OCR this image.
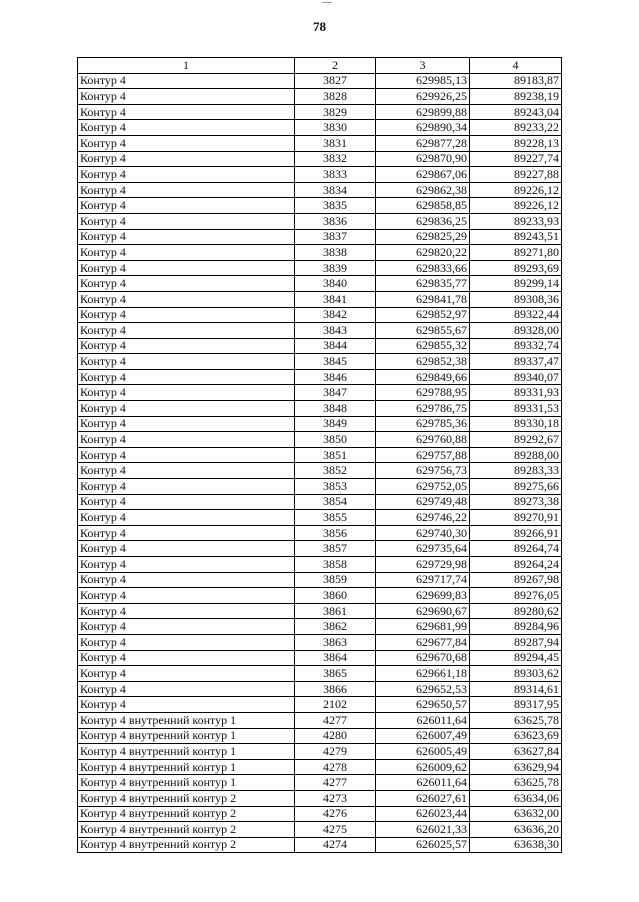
78
1	2	3	4
Контур 4	3827	629985,13	89183,87
Контур 4	3828	629926,25	89238,19
Контур 4	3829	629899,88	89243,04
Контур 4	3830	629890,34	89233,22
Контур 4	3831	629877,28	89228,13
Контур 4	3832	629870,90	89227,74
Контур 4	3833	629867,06	89227,88
Контур 4	3834	629862,38	89226,12
Контур 4	3835	629858,85	89226,12
Контур 4	3836	629836,25	89233,93
Контур 4	3837	629825,29	89243,51
Контур 4	3838	629820,22	89271,80
Контур 4	3839	629833,66	89293,69
Контур 4	3840	629835,77	89299,14
Контур 4	3841	629841,78	89308,36
Контур 4	3842	629852,97	89322,44
Контур 4	3843	629855,67	89328,00
Контур 4	3844	629855,32	89332,74
Контур 4	3845	629852,38	89337,47
Контур 4	3846	629849,66	89340,07
Контур 4	3847	629788,95	89331,93
Контур 4	3848	629786,75	89331,53
Контур 4	3849	629785,36	89330,18
Контур 4	3850	629760,88	89292,67
Контур 4	3851	629757,88	89288,00
Контур 4	3852	629756,73	89283,33
Контур 4	3853	629752,05	89275,66
Контур 4	3854	629749,48	89273,38
Контур 4	3855	629746,22	89270,91
Контур 4	3856	629740,30	89266,91
Контур 4	3857	629735,64	89264,74
Контур 4	3858	629729,98	89264,24
Контур 4	3859	629717,74	89267,98
Контур 4	3860	629699,83	89276,05
Контур 4	3861	629690,67	89280,62
Контур 4	3862	629681,99	89284,96
Контур 4	3863	629677,84	89287,94
Контур 4	3864	629670,68	89294,45
Контур 4	3865	629661,18	89303,62
Контур 4	3866	629652,53	89314,61
Контур 4	2102	629650,57	89317,95
Контур 4 внутренний контур 1	4277	626011,64	63625,78
Контур 4 внутренний контур 1	4280	626007,49	63623,69
Контур 4 внутренний контур 1	4279	626005,49	63627,84
Контур 4 внутренний контур 1	4278	626009,62	63629,94
Контур 4 внутренний контур 1	4277	626011,64	63625,78
Контур 4 внутренний контур 2	4273	626027,61	63634,06
Контур 4 внутренний контур 2	4276	626023,44	63632,00
Контур 4 внутренний контур 2	4275	626021,33	63636,20
Контур 4 внутренний контур 2	4274	626025,57	63638,30
